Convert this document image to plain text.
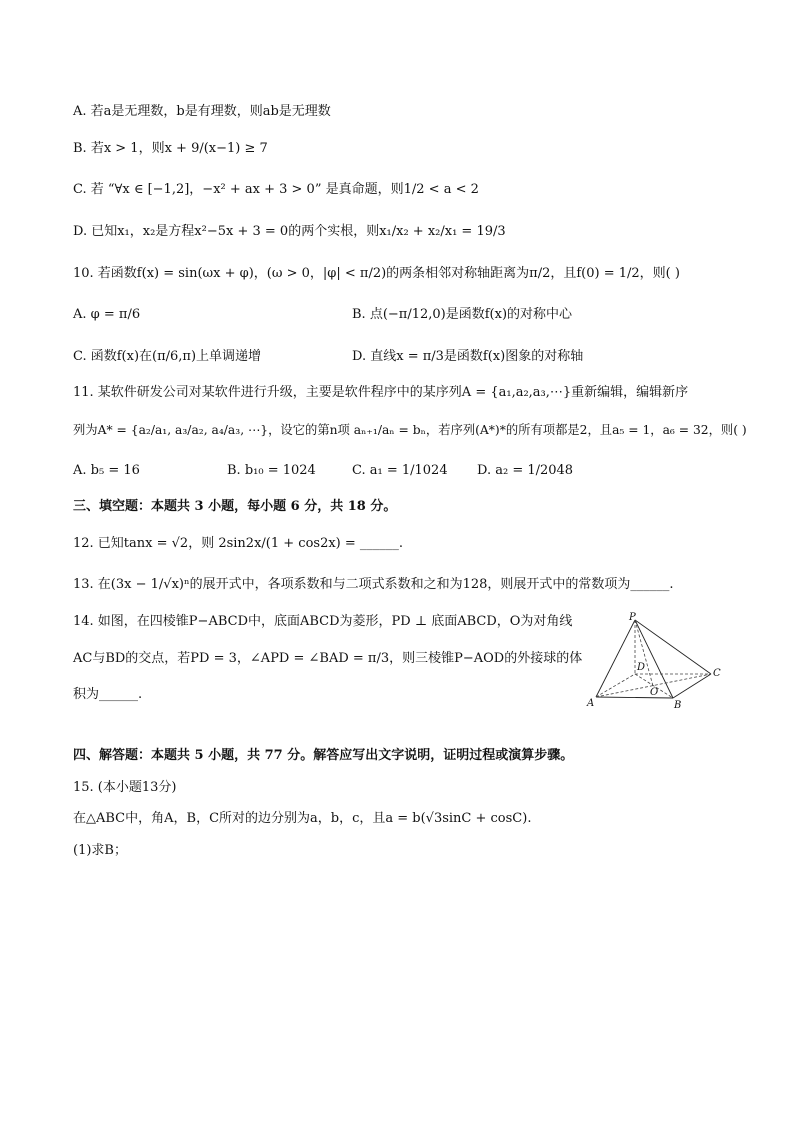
A. 若a是无理数，b是有理数，则ab是无理数
B. 若x > 1，则x + 9/(x−1) ≥ 7
C. 若 “∀x ∈ [−1,2]，−x² + ax + 3 > 0” 是真命题，则1/2 < a < 2
D. 已知x₁，x₂是方程x²−5x + 3 = 0的两个实根，则x₁/x₂ + x₂/x₁ = 19/3
10. 若函数f(x) = sin(ωx + φ)，(ω > 0，|φ| < π/2)的两条相邻对称轴距离为π/2，且f(0) = 1/2，则( )
A. φ = π/6	B. 点(−π/12,0)是函数f(x)的对称中心
C. 函数f(x)在(π/6,π)上单调递增	D. 直线x = π/3是函数f(x)图象的对称轴
11. 某软件研发公司对某软件进行升级，主要是软件程序中的某序列A = {a₁,a₂,a₃,⋯}重新编辑，编辑新序
列为A* = {a₂/a₁, a₃/a₂, a₄/a₃, ⋯}，设它的第n项 aₙ₊₁/aₙ = bₙ，若序列(A*)*的所有项都是2，且a₅ = 1，a₆ = 32，则( )
A. b₅ = 16	B. b₁₀ = 1024	C. a₁ = 1/1024 D. a₂ = 1/2048
三、填空题：本题共 3 小题，每小题 6 分，共 18 分。
12. 已知tanx = √2，则 2sin2x/(1 + cos2x) = ______.
13. 在(3x − 1/√x)ⁿ的展开式中，各项系数和与二项式系数和之和为128，则展开式中的常数项为______.
14. 如图，在四棱锥P−ABCD中，底面ABCD为菱形，PD ⊥ 底面ABCD，O为对角线
AC与BD的交点，若PD = 3，∠APD = ∠BAD = π/3，则三棱锥P−AOD的外接球的体
积为______.
P
D
O
C
A	B
四、解答题：本题共 5 小题，共 77 分。解答应写出文字说明，证明过程或演算步骤。
15. (本小题13分)
在△ABC中，角A，B，C所对的边分别为a，b，c，且a = b(√3sinC + cosC).
(1)求B；
